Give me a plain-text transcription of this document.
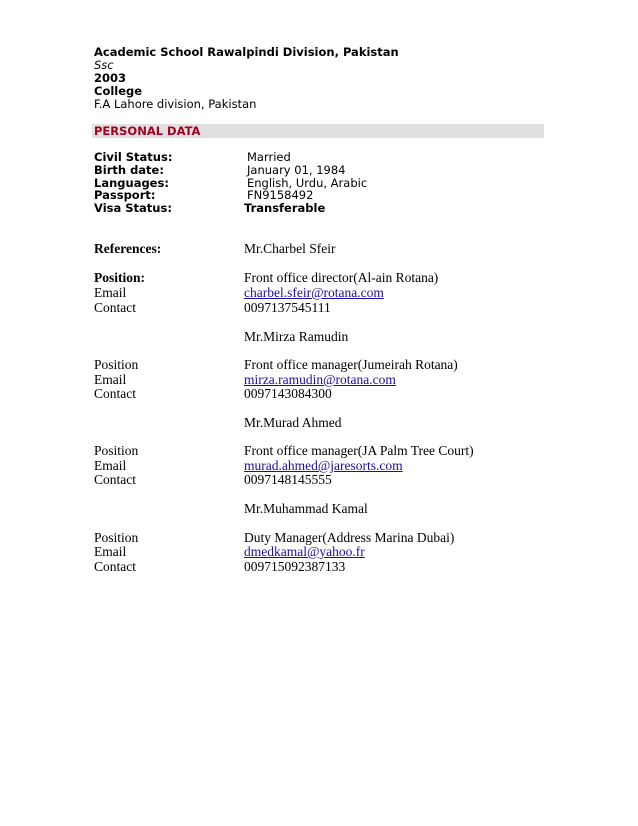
Academic School Rawalpindi Division, Pakistan
Ssc
2003
College
F.A Lahore division, Pakistan
PERSONAL DATA
Civil Status:	Married
Birth date:	January 01, 1984
Languages:	English, Urdu, Arabic
Passport:	FN9158492
Visa Status:	Transferable
References:	Mr.Charbel Sfeir
Position:	Front office director(Al-ain Rotana)
Email	charbel.sfeir@rotana.com
Contact	0097137545111
Mr.Mirza Ramudin
Position	Front office manager(Jumeirah Rotana)
Email	mirza.ramudin@rotana.com
Contact	0097143084300
Mr.Murad Ahmed
Position	Front office manager(JA Palm Tree Court)
Email	murad.ahmed@jaresorts.com
Contact	0097148145555
Mr.Muhammad Kamal
Position	Duty Manager(Address Marina Dubai)
Email	dmedkamal@yahoo.fr
Contact	009715092387133
